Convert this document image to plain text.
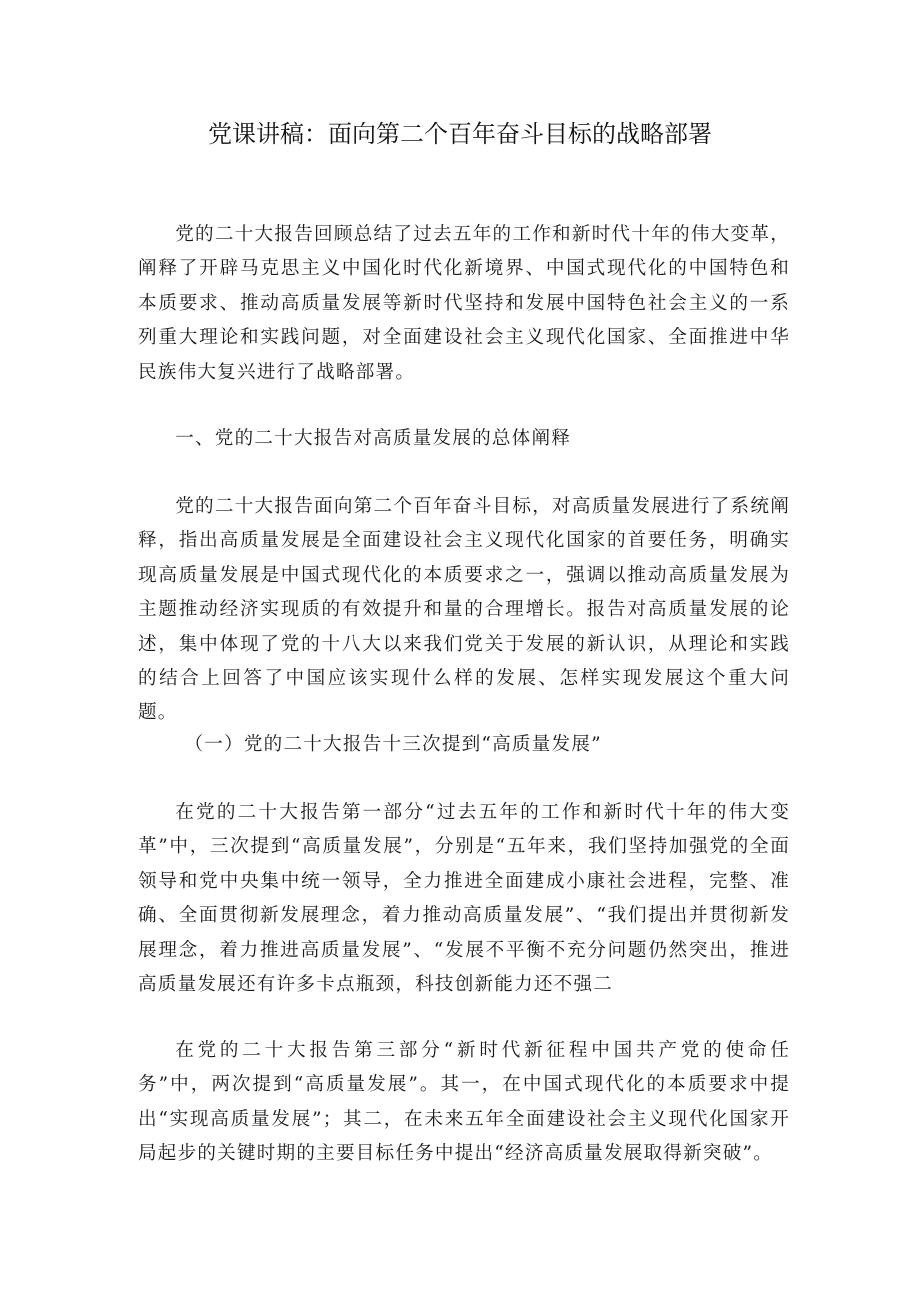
党课讲稿：面向第二个百年奋斗目标的战略部署

党的二十大报告回顾总结了过去五年的工作和新时代十年的伟大变革，阐释了开辟马克思主义中国化时代化新境界、中国式现代化的中国特色和本质要求、推动高质量发展等新时代坚持和发展中国特色社会主义的一系列重大理论和实践问题，对全面建设社会主义现代化国家、全面推进中华民族伟大复兴进行了战略部署。

一、党的二十大报告对高质量发展的总体阐释

党的二十大报告面向第二个百年奋斗目标，对高质量发展进行了系统阐释，指出高质量发展是全面建设社会主义现代化国家的首要任务，明确实现高质量发展是中国式现代化的本质要求之一，强调以推动高质量发展为主题推动经济实现质的有效提升和量的合理增长。报告对高质量发展的论述，集中体现了党的十八大以来我们党关于发展的新认识，从理论和实践的结合上回答了中国应该实现什么样的发展、怎样实现发展这个重大问题。

（一）党的二十大报告十三次提到“高质量发展”

在党的二十大报告第一部分“过去五年的工作和新时代十年的伟大变革”中，三次提到“高质量发展”，分别是“五年来，我们坚持加强党的全面领导和党中央集中统一领导，全力推进全面建成小康社会进程，完整、准确、全面贯彻新发展理念，着力推动高质量发展”、“我们提出并贯彻新发展理念，着力推进高质量发展”、“发展不平衡不充分问题仍然突出，推进高质量发展还有许多卡点瓶颈，科技创新能力还不强二

在党的二十大报告第三部分“新时代新征程中国共产党的使命任务”中，两次提到“高质量发展”。其一，在中国式现代化的本质要求中提出“实现高质量发展”；其二，在未来五年全面建设社会主义现代化国家开局起步的关键时期的主要目标任务中提出“经济高质量发展取得新突破”。
